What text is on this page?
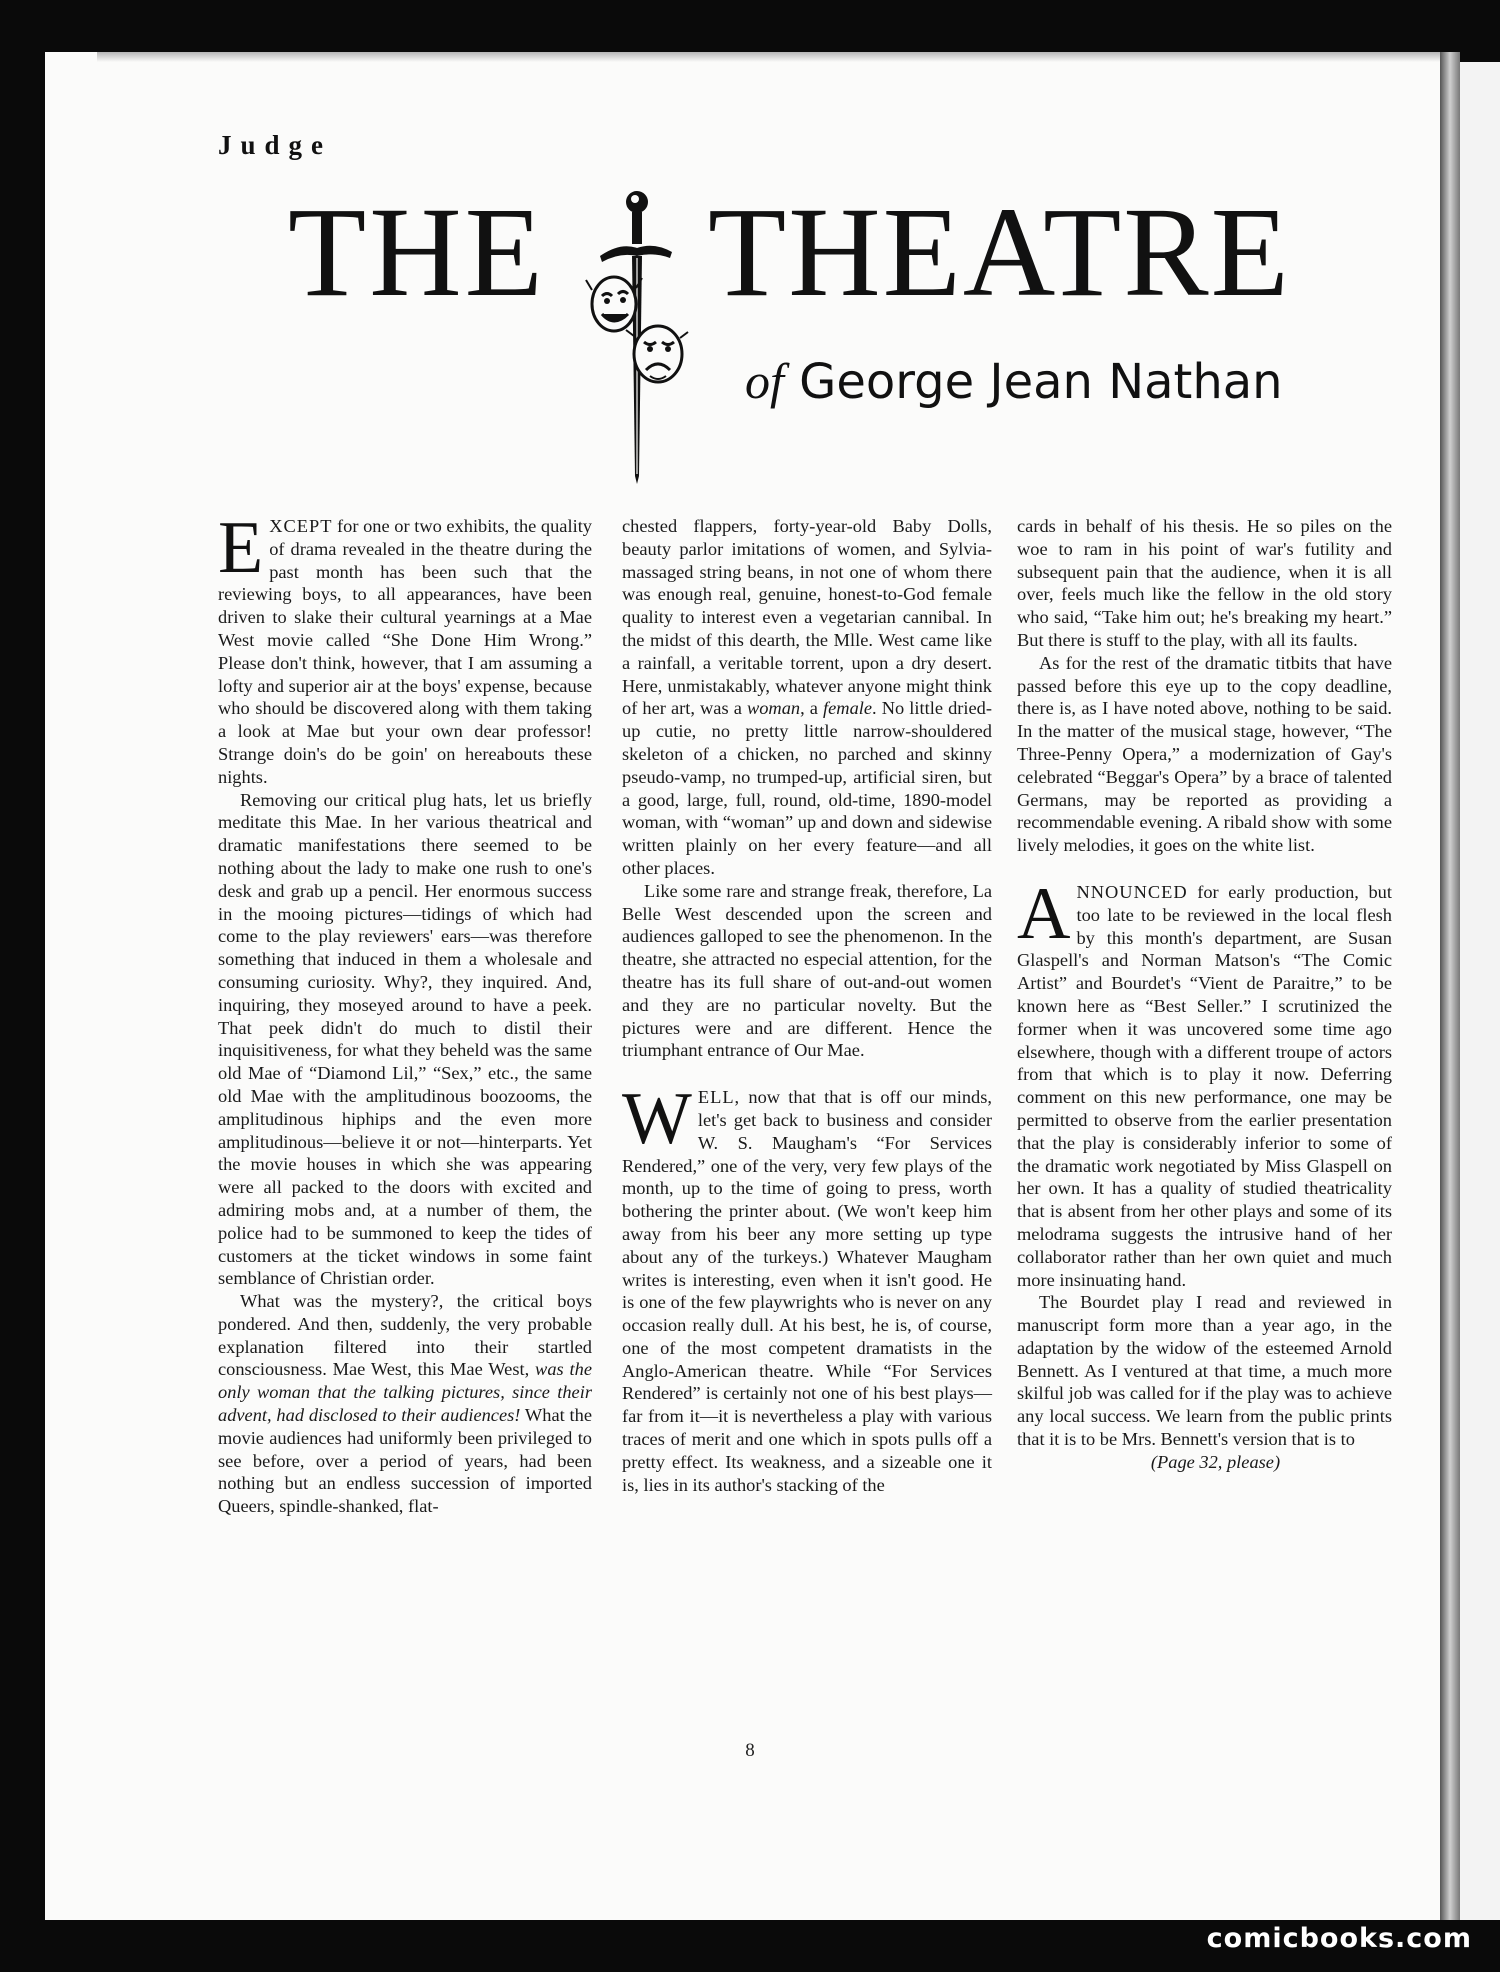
Judge
THE THEATRE
of George Jean Nathan

EXCEPT for one or two exhibits, the quality of drama revealed in the theatre during the past month has been such that the reviewing boys, to all appearances, have been driven to slake their cultural yearnings at a Mae West movie called “She Done Him Wrong.” Please don't think, however, that I am assuming a lofty and superior air at the boys' expense, because who should be discovered along with them taking a look at Mae but your own dear professor! Strange doin's do be goin' on hereabouts these nights.

Removing our critical plug hats, let us briefly meditate this Mae. In her various theatrical and dramatic manifestations there seemed to be nothing about the lady to make one rush to one's desk and grab up a pencil. Her enormous success in the mooing pictures—tidings of which had come to the play reviewers' ears—was therefore something that induced in them a wholesale and consuming curiosity. Why?, they inquired. And, inquiring, they moseyed around to have a peek. That peek didn't do much to distil their inquisitiveness, for what they beheld was the same old Mae of “Diamond Lil,” “Sex,” etc., the same old Mae with the amplitudinous boozooms, the amplitudinous hiphips and the even more amplitudinous—believe it or not—hinterparts. Yet the movie houses in which she was appearing were all packed to the doors with excited and admiring mobs and, at a number of them, the police had to be summoned to keep the tides of customers at the ticket windows in some faint semblance of Christian order.

What was the mystery?, the critical boys pondered. And then, suddenly, the very probable explanation filtered into their startled consciousness. Mae West, this Mae West, was the only woman that the talking pictures, since their advent, had disclosed to their audiences! What the movie audiences had uniformly been privileged to see before, over a period of years, had been nothing but an endless succession of imported Queers, spindle-shanked, flat-

chested flappers, forty-year-old Baby Dolls, beauty parlor imitations of women, and Sylvia-massaged string beans, in not one of whom there was enough real, genuine, honest-to-God female quality to interest even a vegetarian cannibal. In the midst of this dearth, the Mlle. West came like a rainfall, a veritable torrent, upon a dry desert. Here, unmistakably, whatever anyone might think of her art, was a woman, a female. No little dried-up cutie, no pretty little narrow-shouldered skeleton of a chicken, no parched and skinny pseudo-vamp, no trumped-up, artificial siren, but a good, large, full, round, old-time, 1890-model woman, with “woman” up and down and sidewise written plainly on her every feature—and all other places.

Like some rare and strange freak, therefore, La Belle West descended upon the screen and audiences galloped to see the phenomenon. In the theatre, she attracted no especial attention, for the theatre has its full share of out-and-out women and they are no particular novelty. But the pictures were and are different. Hence the triumphant entrance of Our Mae.

WELL, now that that is off our minds, let's get back to business and consider W. S. Maugham's “For Services Rendered,” one of the very, very few plays of the month, up to the time of going to press, worth bothering the printer about. (We won't keep him away from his beer any more setting up type about any of the turkeys.) Whatever Maugham writes is interesting, even when it isn't good. He is one of the few playwrights who is never on any occasion really dull. At his best, he is, of course, one of the most competent dramatists in the Anglo-American theatre. While “For Services Rendered” is certainly not one of his best plays—far from it—it is nevertheless a play with various traces of merit and one which in spots pulls off a pretty effect. Its weakness, and a sizeable one it is, lies in its author's stacking of the

cards in behalf of his thesis. He so piles on the woe to ram in his point of war's futility and subsequent pain that the audience, when it is all over, feels much like the fellow in the old story who said, “Take him out; he's breaking my heart.” But there is stuff to the play, with all its faults.

As for the rest of the dramatic titbits that have passed before this eye up to the copy deadline, there is, as I have noted above, nothing to be said. In the matter of the musical stage, however, “The Three-Penny Opera,” a modernization of Gay's celebrated “Beggar's Opera” by a brace of talented Germans, may be reported as providing a recommendable evening. A ribald show with some lively melodies, it goes on the white list.

ANNOUNCED for early production, but too late to be reviewed in the local flesh by this month's department, are Susan Glaspell's and Norman Matson's “The Comic Artist” and Bourdet's “Vient de Paraitre,” to be known here as “Best Seller.” I scrutinized the former when it was uncovered some time ago elsewhere, though with a different troupe of actors from that which is to play it now. Deferring comment on this new performance, one may be permitted to observe from the earlier presentation that the play is considerably inferior to some of the dramatic work negotiated by Miss Glaspell on her own. It has a quality of studied theatricality that is absent from her other plays and some of its melodrama suggests the intrusive hand of her collaborator rather than her own quiet and much more insinuating hand.

The Bourdet play I read and reviewed in manuscript form more than a year ago, in the adaptation by the widow of the esteemed Arnold Bennett. As I ventured at that time, a much more skilful job was called for if the play was to achieve any local success. We learn from the public prints that it is to be Mrs. Bennett's version that is to

(Page 32, please)

8
comicbooks.com
